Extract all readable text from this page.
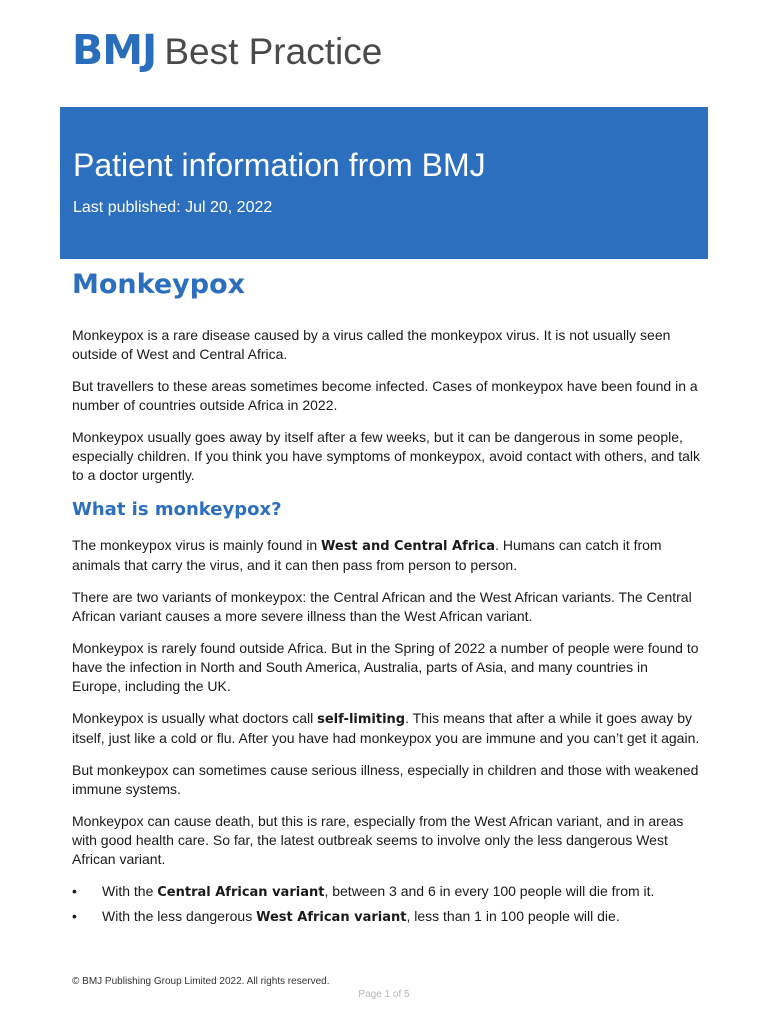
BMJ Best Practice
Patient information from BMJ
Last published: Jul 20, 2022
Monkeypox

Monkeypox is a rare disease caused by a virus called the monkeypox virus. It is not usually seen outside of West and Central Africa.

But travellers to these areas sometimes become infected. Cases of monkeypox have been found in a number of countries outside Africa in 2022.

Monkeypox usually goes away by itself after a few weeks, but it can be dangerous in some people, especially children. If you think you have symptoms of monkeypox, avoid contact with others, and talk to a doctor urgently.

What is monkeypox?

The monkeypox virus is mainly found in West and Central Africa. Humans can catch it from animals that carry the virus, and it can then pass from person to person.

There are two variants of monkeypox: the Central African and the West African variants. The Central African variant causes a more severe illness than the West African variant.

Monkeypox is rarely found outside Africa. But in the Spring of 2022 a number of people were found to have the infection in North and South America, Australia, parts of Asia, and many countries in Europe, including the UK.

Monkeypox is usually what doctors call self-limiting. This means that after a while it goes away by itself, just like a cold or flu. After you have had monkeypox you are immune and you can’t get it again.

But monkeypox can sometimes cause serious illness, especially in children and those with weakened immune systems.

Monkeypox can cause death, but this is rare, especially from the West African variant, and in areas with good health care. So far, the latest outbreak seems to involve only the less dangerous West African variant.

• With the Central African variant, between 3 and 6 in every 100 people will die from it.
• With the less dangerous West African variant, less than 1 in 100 people will die.
© BMJ Publishing Group Limited 2022. All rights reserved.
Page 1 of 5
